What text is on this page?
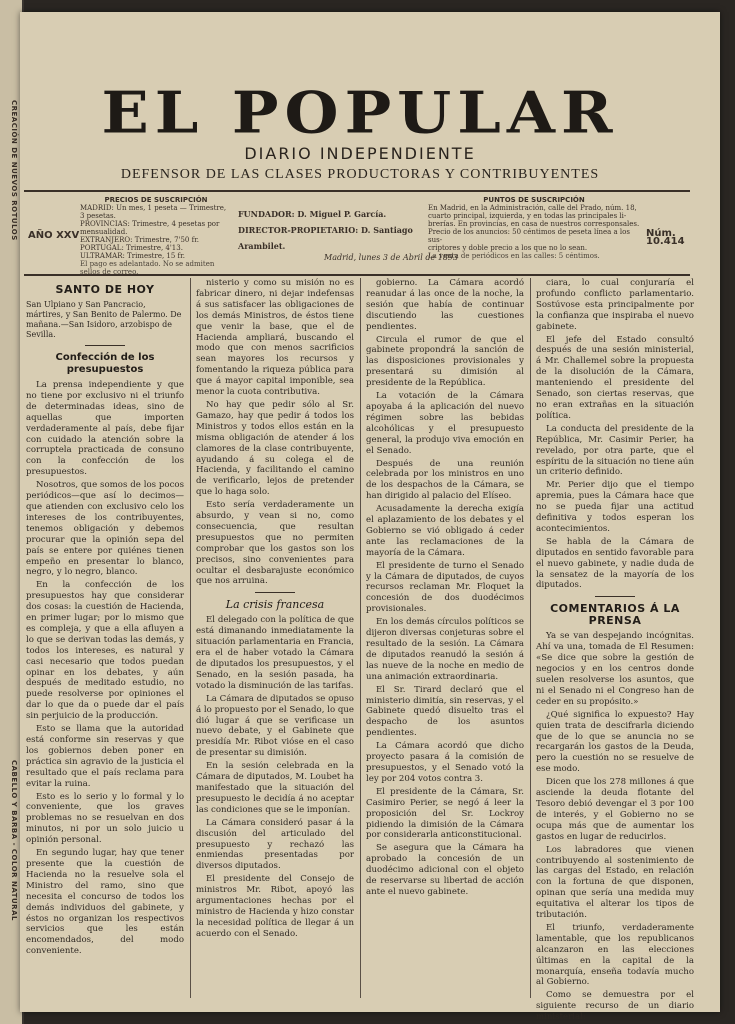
CREACIÓN DE NUEVOS ROTULOS
CABELLO Y BARBA - COLOR NATURAL
EL POPULAR
DIARIO INDEPENDIENTE
DEFENSOR DE LAS CLASES PRODUCTORAS Y CONTRIBUYENTES
AÑO XXV
PRECIOS DE SUSCRIPCIÓN
MADRID: Un mes, 1 peseta — Trimestre, 3 pesetas.
PROVINCIAS: Trimestre, 4 pesetas por mensualidad.
EXTRANJERO: Trimestre, 7'50 fr.
PORTUGAL: Trimestre, 4'13.
ULTRAMAR: Trimestre, 15 fr.
El pago es adelantado. No se admiten sellos de correo.
FUNDADOR: D. Miguel P. García.
DIRECTOR-PROPIETARIO: D. Santiago Arambilet.
PUNTOS DE SUSCRIPCIÓN
En Madrid, en la Administración, calle del Prado, núm. 18,
cuarto principal, izquierda, y en todas las principales li-
brerías. En provincias, en casa de nuestros corresponsales.
Precio de los anuncios: 50 céntimos de peseta línea a los sus-
criptores y doble precio a los que no lo sean.
La venta de periódicos en las calles: 5 céntimos.
Núm. 10.414
Madrid, lunes 3 de Abril de 1893
SANTO DE HOY

San Ulpiano y San Pancracio, mártires, y San Benito de Palermo. De mañana.—San Isidoro, arzobispo de Sevilla.

Confección de los presupuestos

La prensa independiente y que no tiene por exclusivo ni el triunfo de determinadas ideas, sino de aquellas que importen verdaderamente al país, debe fijar con cuidado la atención sobre la corruptela practicada de consuno con la confección de los presupuestos.

Nosotros, que somos de los pocos periódicos—que así lo decimos—que atienden con exclusivo celo los intereses de los contribuyentes, tenemos obligación y debemos procurar que la opinión sepa del país se entere por quiénes tienen empeño en presentar lo blanco, negro, y lo negro, blanco.

En la confección de los presupuestos hay que considerar dos cosas: la cuestión de Hacienda, en primer lugar; por lo mismo que es compleja, y que a ella afluyen a lo que se derivan todas las demás, y todos los intereses, es natural y casi necesario que todos puedan opinar en los debates, y aún después de meditado estudio, no puede resolverse por opiniones el dar lo que da o puede dar el país sin perjuicio de la producción.

Esto se llama que la autoridad está conforme sin reservas y que los gobiernos deben poner en práctica sin agravio de la justicia el resultado que el país reclama para evitar la ruina.

Esto es lo serio y lo formal y lo conveniente, que los graves problemas no se resuelvan en dos minutos, ni por un solo juicio u opinión personal.

En segundo lugar, hay que tener presente que la cuestión de Hacienda no la resuelve sola el Ministro del ramo, sino que necesita el concurso de todos los demás individuos del gabinete, y éstos no organizan los respectivos servicios que les están encomendados, del modo conveniente.

nisterio y como su misión no es fabricar dinero, ni dejar indefensas á sus satisfacer las obligaciones de los demás Ministros, de éstos tiene que venir la base, que el de Hacienda ampliará, buscando el modo que con menos sacrificios sean mayores los recursos y fomentando la riqueza pública para que á mayor capital imponible, sea menor la cuota contributiva.

No hay que pedir sólo al Sr. Gamazo, hay que pedir á todos los Ministros y todos ellos están en la misma obligación de atender á los clamores de la clase contribuyente, ayudando á su colega el de Hacienda, y facilitando el camino de verificarlo, lejos de pretender que lo haga solo.

Esto sería verdaderamente un absurdo, y vean si no, como consecuencia, que resultan presupuestos que no permiten comprobar que los gastos son los precisos, sino convenientes para ocultar el desbarajuste económico que nos arruina.

La crisis francesa

El delegado con la política de que está dimanando inmediatamente la situación parlamentaria en Francia, era el de haber votado la Cámara de diputados los presupuestos, y el Senado, en la sesión pasada, ha votado la disminución de las tarifas.

La Cámara de diputados se opuso á lo propuesto por el Senado, lo que dió lugar á que se verificase un nuevo debate, y el Gabinete que presidía Mr. Ribot vióse en el caso de presentar su dimisión.

En la sesión celebrada en la Cámara de diputados, M. Loubet ha manifestado que la situación del presupuesto le decidía á no aceptar las condiciones que se le imponían.

La Cámara consideró pasar á la discusión del articulado del presupuesto y rechazó las enmiendas presentadas por diversos diputados.

El presidente del Consejo de ministros Mr. Ribot, apoyó las argumentaciones hechas por el ministro de Hacienda y hizo constar la necesidad política de llegar á un acuerdo con el Senado.

gobierno. La Cámara acordó reanudar á las once de la noche, la sesión que había de continuar discutiendo las cuestiones pendientes.

Circula el rumor de que el gabinete propondrá la sanción de las disposiciones provisionales y presentará su dimisión al presidente de la República.

La votación de la Cámara apoyaba á la aplicación del nuevo régimen sobre las bebidas alcohólicas y el presupuesto general, la produjo viva emoción en el Senado.

Después de una reunión celebrada por los ministros en uno de los despachos de la Cámara, se han dirigido al palacio del Elíseo.

Acusadamente la derecha exigía el aplazamiento de los debates y el Gobierno se vió obligado á ceder ante las reclamaciones de la mayoría de la Cámara.

El presidente de turno el Senado y la Cámara de diputados, de cuyos recursos reclaman Mr. Floquet la concesión de dos duodécimos provisionales.

En los demás círculos políticos se dijeron diversas conjeturas sobre el resultado de la sesión. La Cámara de diputados reanudó la sesión á las nueve de la noche en medio de una animación extraordinaria.

El Sr. Tirard declaró que el ministerio dimitía, sin reservas, y el Gabinete quedó disuelto tras el despacho de los asuntos pendientes.

La Cámara acordó que dicho proyecto pasara á la comisión de presupuestos, y el Senado votó la ley por 204 votos contra 3.

El presidente de la Cámara, Sr. Casimiro Perier, se negó á leer la proposición del Sr. Lockroy pidiendo la dimisión de la Cámara por considerarla anticonstitucional.

Se asegura que la Cámara ha aprobado la concesión de un duodécimo adicional con el objeto de reservarse su libertad de acción ante el nuevo gabinete.

ciara, lo cual conjuraría el profundo conflicto parlamentario. Sostúvose esta principalmente por la confianza que inspiraba el nuevo gabinete.

El jefe del Estado consultó después de una sesión ministerial, á Mr. Challemel sobre la propuesta de la disolución de la Cámara, manteniendo el presidente del Senado, son ciertas reservas, que no eran extrañas en la situación política.

La conducta del presidente de la República, Mr. Casimir Perier, ha revelado, por otra parte, que el espíritu de la situación no tiene aún un criterio definido.

Mr. Perier dijo que el tiempo apremia, pues la Cámara hace que no se pueda fijar una actitud definitiva y todos esperan los acontecimientos.

Se habla de la Cámara de diputados en sentido favorable para el nuevo gabinete, y nadie duda de la sensatez de la mayoría de los diputados.

COMENTARIOS Á LA PRENSA

Ya se van despejando incógnitas. Ahí va una, tomada de El Resumen: «Se dice que sobre la gestión de negocios y en los centros donde suelen resolverse los asuntos, que ni el Senado ni el Congreso han de ceder en su propósito.»

¿Qué significa lo expuesto? Hay quien trata de descifrarla diciendo que de lo que se anuncia no se recargarán los gastos de la Deuda, pero la cuestión no se resuelve de ese modo.

Dicen que los 278 millones á que asciende la deuda flotante del Tesoro debió devengar el 3 por 100 de interés, y el Gobierno no se ocupa más que de aumentar los gastos en lugar de reducirlos.

Los labradores que vienen contribuyendo al sostenimiento de las cargas del Estado, en relación con la fortuna de que disponen, opinan que sería una medida muy equitativa el alterar los tipos de tributación.

El triunfo, verdaderamente lamentable, que los republicanos alcanzaron en las elecciones últimas en la capital de la monarquía, enseña todavía mucho al Gobierno.

Como se demuestra por el siguiente recurso de un diario ministerial:
